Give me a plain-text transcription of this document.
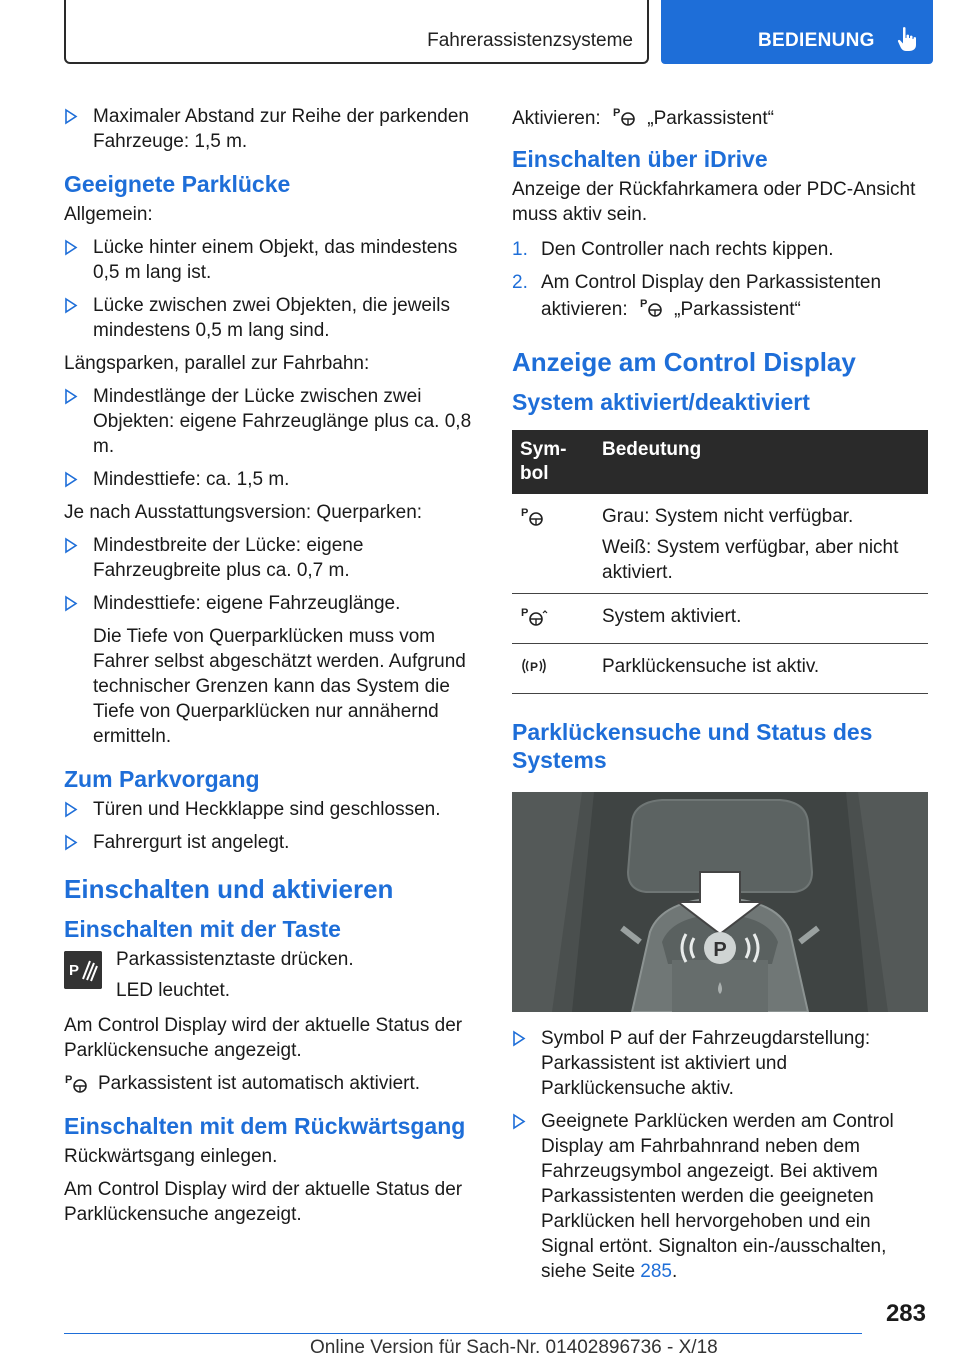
Fahrerassistenzsysteme	BEDIENUNG
Maximaler Abstand zur Reihe der parkenden Fahrzeuge: 1,5 m.
Geeignete Parklücke

Allgemein:

Lücke hinter einem Objekt, das mindestens 0,5 m lang ist.
Lücke zwischen zwei Objekten, die jeweils mindestens 0,5 m lang sind.

Längsparken, parallel zur Fahrbahn:

Mindestlänge der Lücke zwischen zwei Objekten: eigene Fahrzeuglänge plus ca. 0,8 m.
Mindesttiefe: ca. 1,5 m.

Je nach Ausstattungsversion: Querparken:

Mindestbreite der Lücke: eigene Fahrzeugbreite plus ca. 0,7 m.
Mindesttiefe: eigene Fahrzeuglänge.
Die Tiefe von Querparklücken muss vom Fahrer selbst abgeschätzt werden. Aufgrund technischer Grenzen kann das System die Tiefe von Querparklücken nur annähernd ermitteln.
Zum Parkvorgang
Türen und Heckklappe sind geschlossen.
Fahrergurt ist angelegt.
Einschalten und aktivieren
Einschalten mit der Taste
P

Parkassistenztaste drücken.

LED leuchtet.

Am Control Display wird der aktuelle Status der Parklückensuche angezeigt.

P Parkassistent ist automatisch aktiviert.

Einschalten mit dem Rückwärtsgang

Rückwärtsgang einlegen.

Am Control Display wird der aktuelle Status der Parklückensuche angezeigt.

Aktivieren: P „Parkassistent“

Einschalten über iDrive

Anzeige der Rückfahrkamera oder PDC-Ansicht muss aktiv sein.

1. Den Controller nach rechts kippen.
2. Am Control Display den Parkassistenten aktivieren: P „Parkassistent“
Anzeige am Control Display
System aktiviert/deaktiviert
Sym-
bol	Bedeutung

P	Grau: System nicht verfügbar.

Weiß: System verfügbar, aber nicht aktiviert.

P	System aktiviert.

P	Parklückensuche ist aktiv.
Parklückensuche und Status des Systems
P
Symbol P auf der Fahrzeugdarstellung: Parkassistent ist aktiviert und Parklückensuche aktiv.
Geeignete Parklücken werden am Control Display am Fahrbahnrand neben dem Fahrzeugsymbol angezeigt. Bei aktivem Parkassistenten werden die geeigneten Parklücken hell hervorgehoben und ein Signal ertönt. Signalton ein-/ausschalten, siehe Seite 285.
283
Online Version für Sach-Nr. 01402896736 - X/18
